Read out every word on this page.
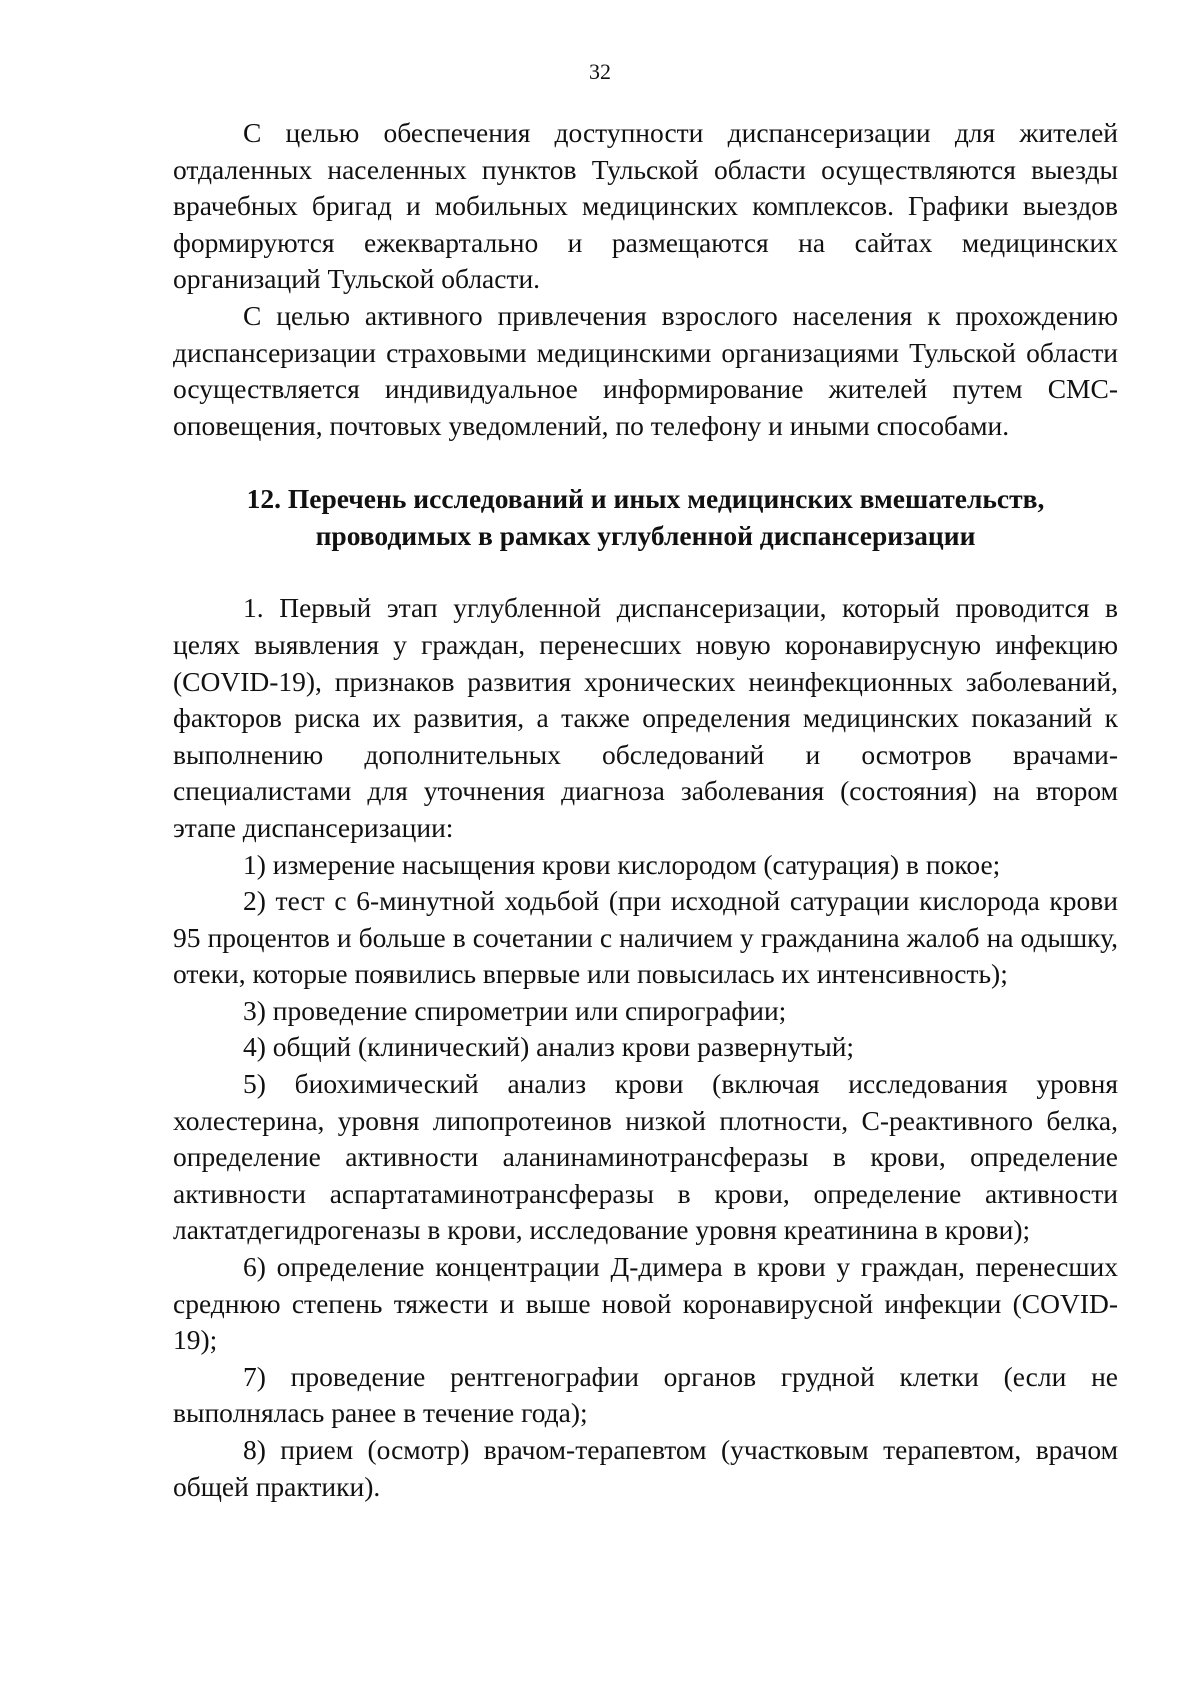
32

С целью обеспечения доступности диспансеризации для жителей отдаленных населенных пунктов Тульской области осуществляются выезды врачебных бригад и мобильных медицинских комплексов. Графики выездов формируются ежеквартально и размещаются на сайтах медицинских организаций Тульской области.

С целью активного привлечения взрослого населения к прохождению диспансеризации страховыми медицинскими организациями Тульской области осуществляется индивидуальное информирование жителей путем СМС-оповещения, почтовых уведомлений, по телефону и иными способами.

12. Перечень исследований и иных медицинских вмешательств,
проводимых в рамках углубленной диспансеризации

1. Первый этап углубленной диспансеризации, который проводится в целях выявления у граждан, перенесших новую коронавирусную инфекцию (COVID-19), признаков развития хронических неинфекционных заболеваний, факторов риска их развития, а также определения медицинских показаний к выполнению дополнительных обследований и осмотров врачами-специалистами для уточнения диагноза заболевания (состояния) на втором этапе диспансеризации:

1) измерение насыщения крови кислородом (сатурация) в покое;

2) тест с 6-минутной ходьбой (при исходной сатурации кислорода крови 95 процентов и больше в сочетании с наличием у гражданина жалоб на одышку, отеки, которые появились впервые или повысилась их интенсивность);

3) проведение спирометрии или спирографии;

4) общий (клинический) анализ крови развернутый;

5) биохимический анализ крови (включая исследования уровня холестерина, уровня липопротеинов низкой плотности, С-реактивного белка, определение активности аланинаминотрансферазы в крови, определение активности аспартатаминотрансферазы в крови, определение активности лактатдегидрогеназы в крови, исследование уровня креатинина в крови);

6) определение концентрации Д-димера в крови у граждан, перенесших среднюю степень тяжести и выше новой коронавирусной инфекции (COVID-19);

7) проведение рентгенографии органов грудной клетки (если не выполнялась ранее в течение года);

8) прием (осмотр) врачом-терапевтом (участковым терапевтом, врачом общей практики).
